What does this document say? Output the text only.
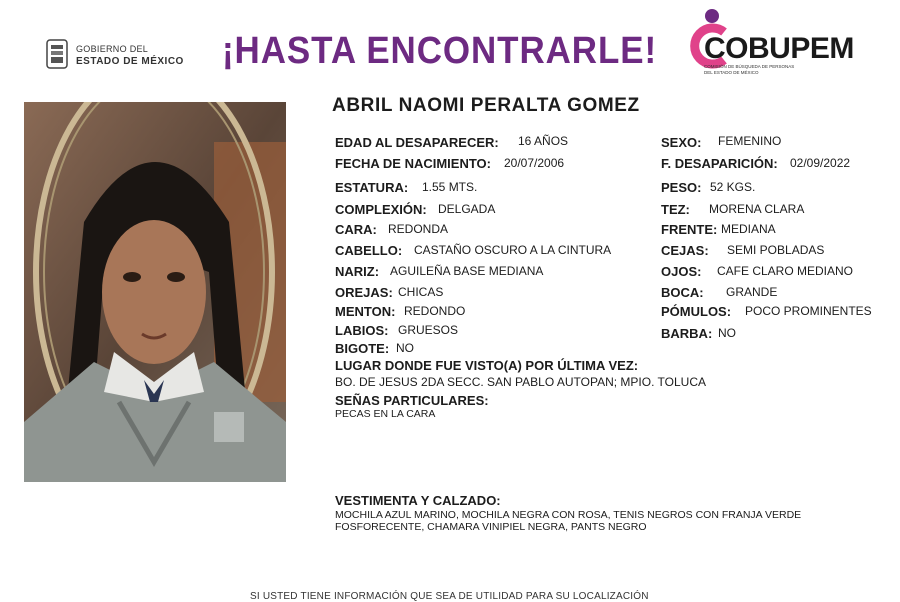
GOBIERNO DEL
ESTADO DE MÉXICO ¡HASTA ENCONTRARLE! COBUPEM
COMISIÓN DE BÚSQUEDA DE PERSONAS
DEL ESTADO DE MÉXICO
ABRIL NAOMI PERALTA GOMEZ
EDAD AL DESAPARECER: 16 AÑOS
FECHA DE NACIMIENTO: 20/07/2006
ESTATURA: 1.55 MTS.
COMPLEXIÓN: DELGADA
CARA: REDONDA
CABELLO: CASTAÑO OSCURO A LA CINTURA
NARIZ: AGUILEÑA BASE MEDIANA
OREJAS: CHICAS
MENTON: REDONDO
LABIOS: GRUESOS
BIGOTE: NO
SEXO: FEMENINO
F. DESAPARICIÓN: 02/09/2022
PESO: 52 KGS.
TEZ: MORENA CLARA
FRENTE: MEDIANA
CEJAS: SEMI POBLADAS
OJOS: CAFE CLARO MEDIANO
BOCA: GRANDE
PÓMULOS: POCO PROMINENTES
BARBA: NO
LUGAR DONDE FUE VISTO(A) POR ÚLTIMA VEZ:
BO. DE JESUS 2DA SECC. SAN PABLO AUTOPAN; MPIO. TOLUCA
SEÑAS PARTICULARES:
PECAS EN LA CARA
VESTIMENTA Y CALZADO:
MOCHILA AZUL MARINO, MOCHILA NEGRA CON ROSA, TENIS NEGROS CON FRANJA VERDE
FOSFORECENTE, CHAMARA VINIPIEL NEGRA, PANTS NEGRO
SI USTED TIENE INFORMACIÓN QUE SEA DE UTILIDAD PARA SU LOCALIZACIÓN
